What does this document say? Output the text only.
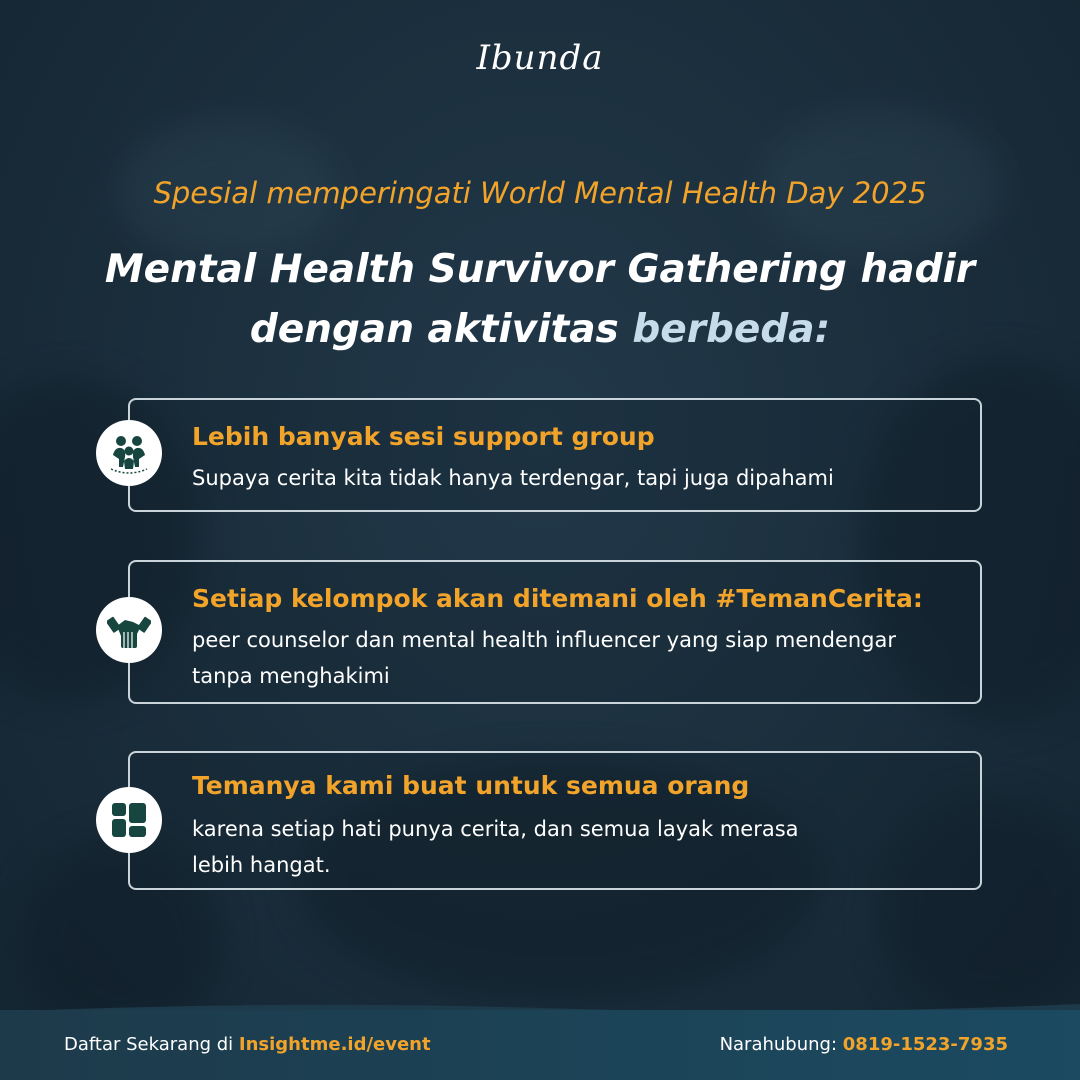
Ibunda
Spesial memperingati World Mental Health Day 2025
Mental Health Survivor Gathering hadir
dengan aktivitas berbeda:
Lebih banyak sesi support group
Supaya cerita kita tidak hanya terdengar, tapi juga dipahami
Setiap kelompok akan ditemani oleh #TemanCerita:
peer counselor dan mental health influencer yang siap mendengar
tanpa menghakimi
Temanya kami buat untuk semua orang
karena setiap hati punya cerita, dan semua layak merasa
lebih hangat.
Daftar Sekarang di Insightme.id/event	Narahubung: 0819-1523-7935
